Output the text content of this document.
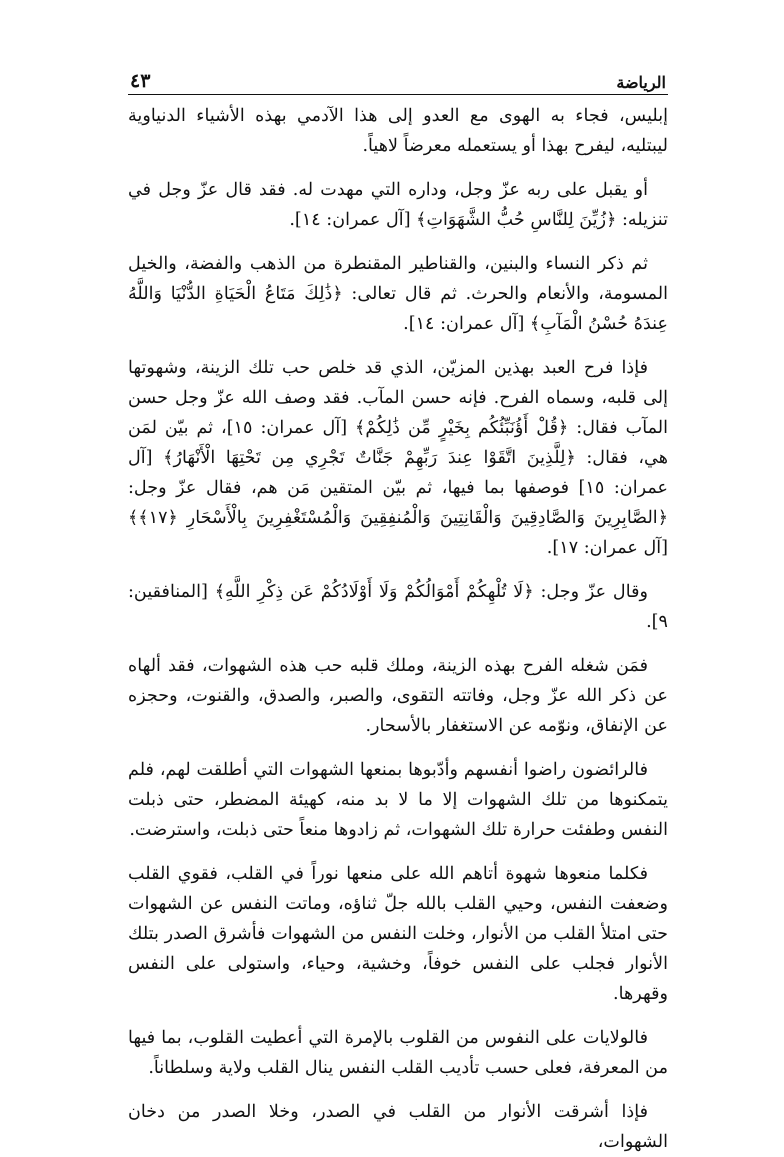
الرياضة
٤٣

إبليس، فجاء به الهوى مع العدو إلى هذا الآدمي بهذه الأشياء الدنياوية ليبتليه، ليفرح بهذا أو يستعمله معرضاً لاهياً.

أو يقبل على ربه عزّ وجل، وداره التي مهدت له. فقد قال عزّ وجل في تنزيله: ﴿زُيِّنَ لِلنَّاسِ حُبُّ الشَّهَوَاتِ﴾ [آل عمران: ١٤].

ثم ذكر النساء والبنين، والقناطير المقنطرة من الذهب والفضة، والخيل المسومة، والأنعام والحرث. ثم قال تعالى: ﴿ذَٰلِكَ مَتَاعُ الْحَيَاةِ الدُّنْيَا وَاللَّهُ عِندَهُ حُسْنُ الْمَآبِ﴾ [آل عمران: ١٤].

فإذا فرح العبد بهذين المزيّن، الذي قد خلص حب تلك الزينة، وشهوتها إلى قلبه، وسماه الفرح. فإنه حسن المآب. فقد وصف الله عزّ وجل حسن المآب فقال: ﴿قُلْ أَؤُنَبِّئُكُم بِخَيْرٍ مِّن ذَٰلِكُمْ﴾ [آل عمران: ١٥]، ثم بيّن لمَن هي، فقال: ﴿لِلَّذِينَ اتَّقَوْا عِندَ رَبِّهِمْ جَنَّاتٌ تَجْرِي مِن تَحْتِهَا الْأَنْهَارُ﴾ [آل عمران: ١٥] فوصفها بما فيها، ثم بيّن المتقين مَن هم، فقال عزّ وجل: ﴿الصَّابِرِينَ وَالصَّادِقِينَ وَالْقَانِتِينَ وَالْمُنفِقِينَ وَالْمُسْتَغْفِرِينَ بِالْأَسْحَارِ ﴿١٧﴾﴾ [آل عمران: ١٧].

وقال عزّ وجل: ﴿لَا تُلْهِكُمْ أَمْوَالُكُمْ وَلَا أَوْلَادُكُمْ عَن ذِكْرِ اللَّهِ﴾ [المنافقين: ٩].

فمَن شغله الفرح بهذه الزينة، وملك قلبه حب هذه الشهوات، فقد ألهاه عن ذكر الله عزّ وجل، وفاتته التقوى، والصبر، والصدق، والقنوت، وحجزه عن الإنفاق، ونوّمه عن الاستغفار بالأسحار.

فالرائضون راضوا أنفسهم وأدّبوها بمنعها الشهوات التي أطلقت لهم، فلم يتمكنوها من تلك الشهوات إلا ما لا بد منه، كهيئة المضطر، حتى ذبلت النفس وطفئت حرارة تلك الشهوات، ثم زادوها منعاً حتى ذبلت، واسترضت.

فكلما منعوها شهوة أتاهم الله على منعها نوراً في القلب، فقوي القلب وضعفت النفس، وحيي القلب بالله جلّ ثناؤه، وماتت النفس عن الشهوات حتى امتلأ القلب من الأنوار، وخلت النفس من الشهوات فأشرق الصدر بتلك الأنوار فجلب على النفس خوفاً، وخشية، وحياء، واستولى على النفس وقهرها.

فالولايات على النفوس من القلوب بالإمرة التي أعطيت القلوب، بما فيها من المعرفة، فعلى حسب تأديب القلب النفس ينال القلب ولاية وسلطاناً.

فإذا أشرقت الأنوار من القلب في الصدر، وخلا الصدر من دخان الشهوات،
